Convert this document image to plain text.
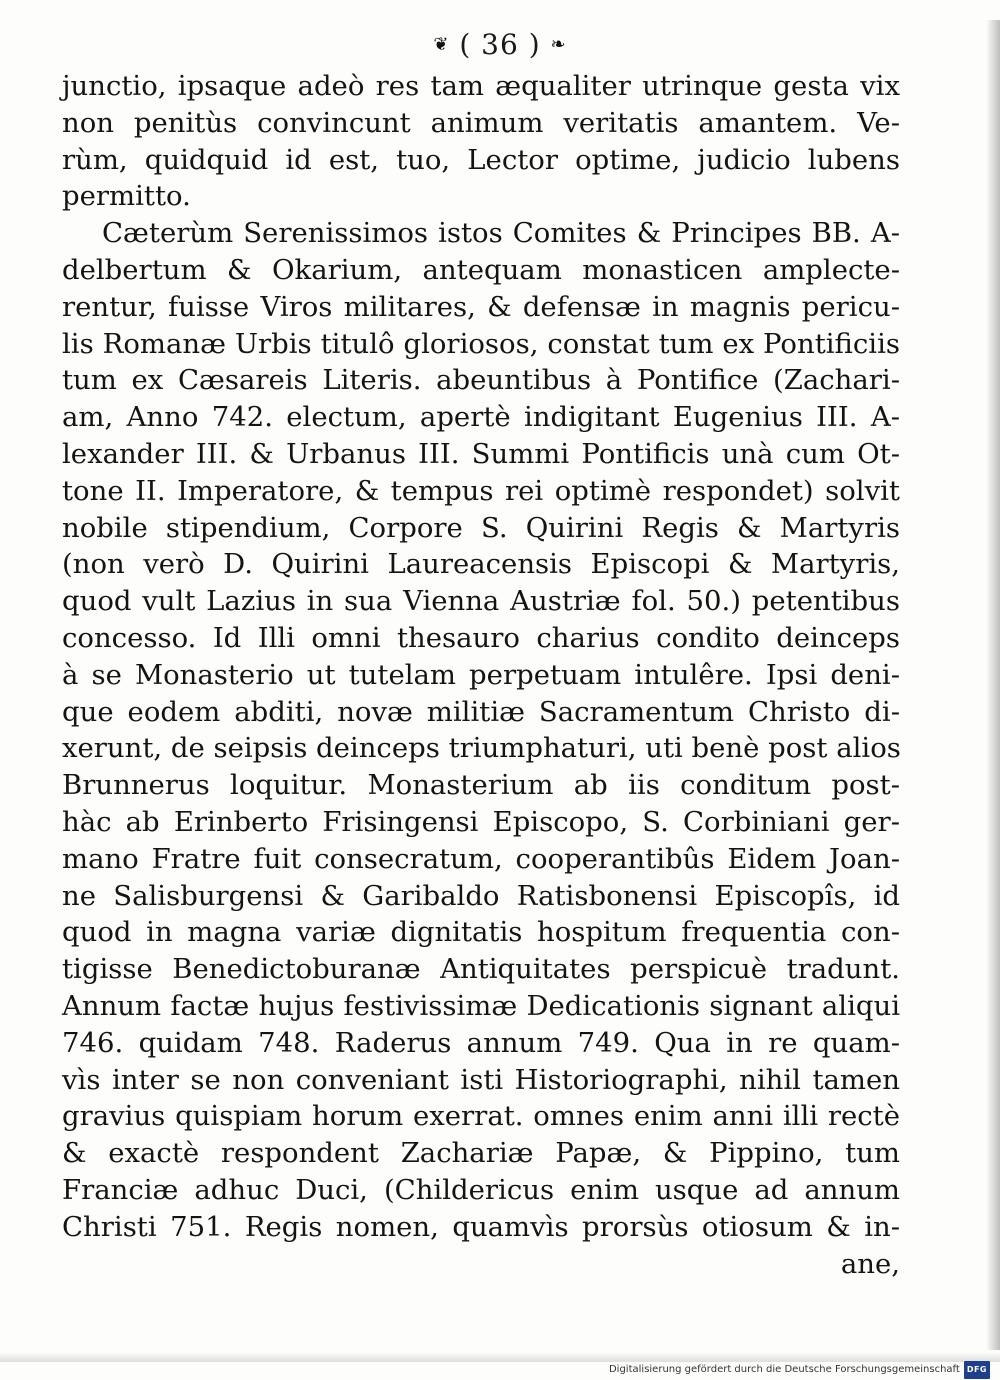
❦ ( 36 ) ❧
junctio, ipsaque adeò res tam æqualiter utrinque gesta vix
non penitùs convincunt animum veritatis amantem. Ve-
rùm, quidquid id est, tuo, Lector optime, judicio lubens
permitto.
Cæterùm Serenissimos istos Comites & Principes BB. A-
delbertum & Okarium, antequam monasticen amplecte-
rentur, fuisse Viros militares, & defensæ in magnis pericu-
lis Romanæ Urbis titulô gloriosos, constat tum ex Pontificiis
tum ex Cæsareis Literis. abeuntibus à Pontifice (Zachari-
am, Anno 742. electum, apertè indigitant Eugenius III. A-
lexander III. & Urbanus III. Summi Pontificis unà cum Ot-
tone II. Imperatore, & tempus rei optimè respondet) solvit
nobile stipendium, Corpore S. Quirini Regis & Martyris
(non verò D. Quirini Laureacensis Episcopi & Martyris,
quod vult Lazius in sua Vienna Austriæ fol. 50.) petentibus
concesso. Id Illi omni thesauro charius condito deinceps
à se Monasterio ut tutelam perpetuam intulêre. Ipsi deni-
que eodem abditi, novæ militiæ Sacramentum Christo di-
xerunt, de seipsis deinceps triumphaturi, uti benè post alios
Brunnerus loquitur. Monasterium ab iis conditum post-
hàc ab Erinberto Frisingensi Episcopo, S. Corbiniani ger-
mano Fratre fuit consecratum, cooperantibûs Eidem Joan-
ne Salisburgensi & Garibaldo Ratisbonensi Episcopîs, id
quod in magna variæ dignitatis hospitum frequentia con-
tigisse Benedictoburanæ Antiquitates perspicuè tradunt.
Annum factæ hujus festivissimæ Dedicationis signant aliqui
746. quidam 748. Raderus annum 749. Qua in re quam-
vìs inter se non conveniant isti Historiographi, nihil tamen
gravius quispiam horum exerrat. omnes enim anni illi rectè
& exactè respondent Zachariæ Papæ, & Pippino, tum
Franciæ adhuc Duci, (Childericus enim usque ad annum
Christi 751. Regis nomen, quamvìs prorsùs otiosum & in-
ane,
Digitalisierung gefördert durch die Deutsche Forschungsgemeinschaft DFG
